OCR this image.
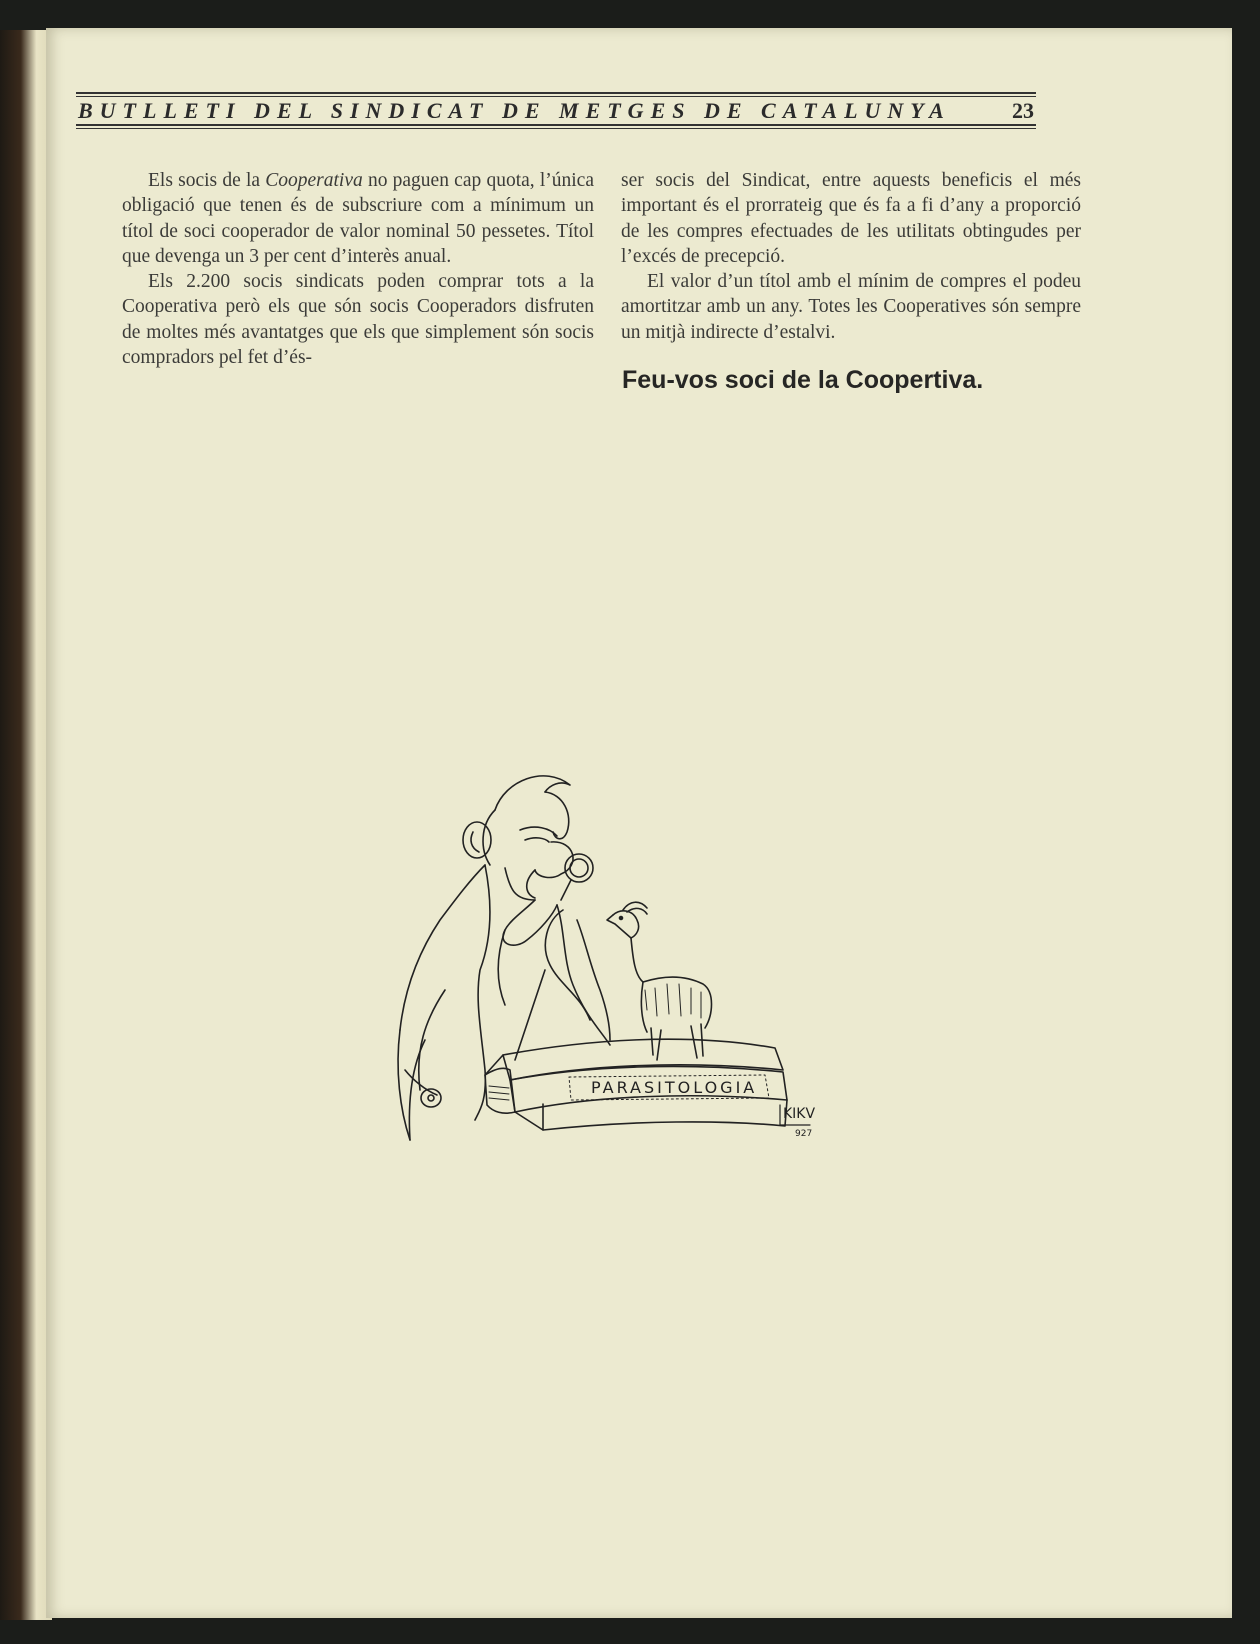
BUTLLETI DEL SINDICAT DE METGES DE CATALUNYA	23

Els socis de la Cooperativa no paguen cap quota, l’única obligació que tenen és de subscriure com a mínimum un títol de soci cooperador de valor nominal 50 pessetes. Títol que devenga un 3 per cent d’interès anual.

Els 2.200 socis sindicats poden comprar tots a la Cooperativa però els que són socis Cooperadors disfruten de moltes més avantatges que els que simplement són socis compradors pel fet d’és-

ser socis del Sindicat, entre aquests beneficis el més important és el prorrateig que és fa a fi d’any a proporció de les compres efectuades de les utilitats obtingudes per l’excés de precepció.

El valor d’un títol amb el mínim de compres el podeu amortitzar amb un any. Totes les Cooperatives són sempre un mitjà indirecte d’estalvi.

Feu-vos soci de la Coopertiva.
PARASITOLOGIA
KIKV
927
